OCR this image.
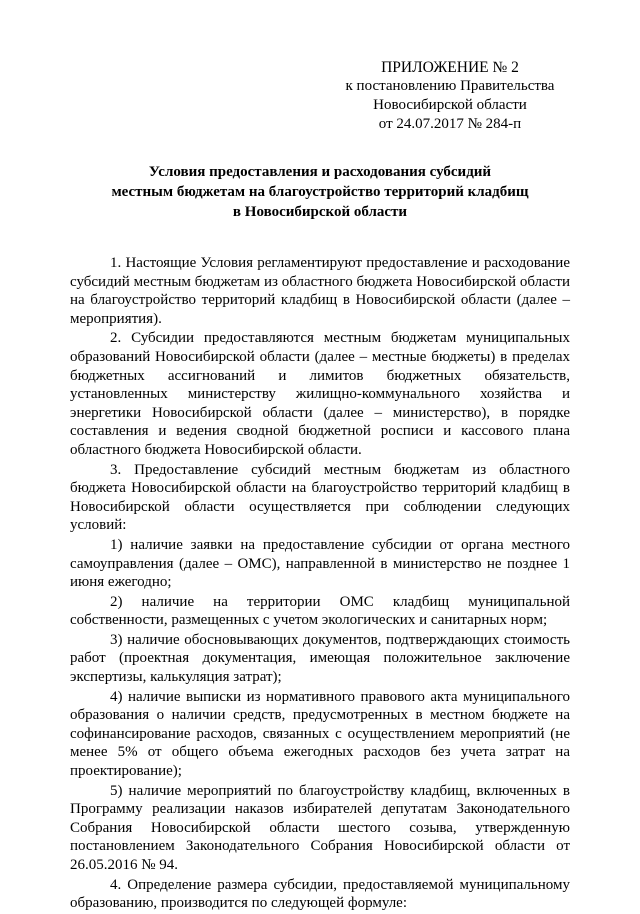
ПРИЛОЖЕНИЕ № 2
к постановлению Правительства
Новосибирской области
от 24.07.2017 № 284-п
Условия предоставления и расходования субсидий
местным бюджетам на благоустройство территорий кладбищ
в Новосибирской области

1. Настоящие Условия регламентируют предоставление и расходование субсидий местным бюджетам из областного бюджета Новосибирской области на благоустройство территорий кладбищ в Новосибирской области (далее – мероприятия).

2. Субсидии предоставляются местным бюджетам муниципальных образований Новосибирской области (далее – местные бюджеты) в пределах бюджетных ассигнований и лимитов бюджетных обязательств, установленных министерству жилищно-коммунального хозяйства и энергетики Новосибирской области (далее – министерство), в порядке составления и ведения сводной бюджетной росписи и кассового плана областного бюджета Новосибирской области.

3. Предоставление субсидий местным бюджетам из областного бюджета Новосибирской области на благоустройство территорий кладбищ в Новосибирской области осуществляется при соблюдении следующих условий:

1) наличие заявки на предоставление субсидии от органа местного самоуправления (далее – ОМС), направленной в министерство не позднее 1 июня ежегодно;

2) наличие на территории ОМС кладбищ муниципальной собственности, размещенных с учетом экологических и санитарных норм;

3) наличие обосновывающих документов, подтверждающих стоимость работ (проектная документация, имеющая положительное заключение экспертизы, калькуляция затрат);

4) наличие выписки из нормативного правового акта муниципального образования о наличии средств, предусмотренных в местном бюджете на софинансирование расходов, связанных с осуществлением мероприятий (не менее 5% от общего объема ежегодных расходов без учета затрат на проектирование);

5) наличие мероприятий по благоустройству кладбищ, включенных в Программу реализации наказов избирателей депутатам Законодательного Собрания Новосибирской области шестого созыва, утвержденную постановлением Законодательного Собрания Новосибирской области от 26.05.2016 № 94.

4. Определение размера субсидии, предоставляемой муниципальному образованию, производится по следующей формуле:
